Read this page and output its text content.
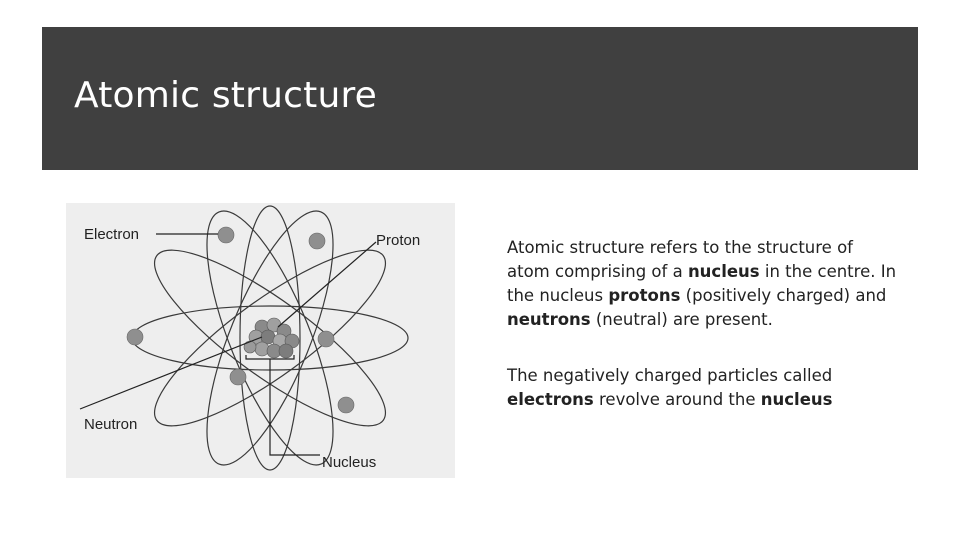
Atomic structure
Electron	Proton
Neutron
Nucleus

Atomic structure refers to the structure of atom comprising of a nucleus in the centre. In the nucleus protons (positively charged) and neutrons (neutral) are present.

The negatively charged particles called electrons revolve around the nucleus
